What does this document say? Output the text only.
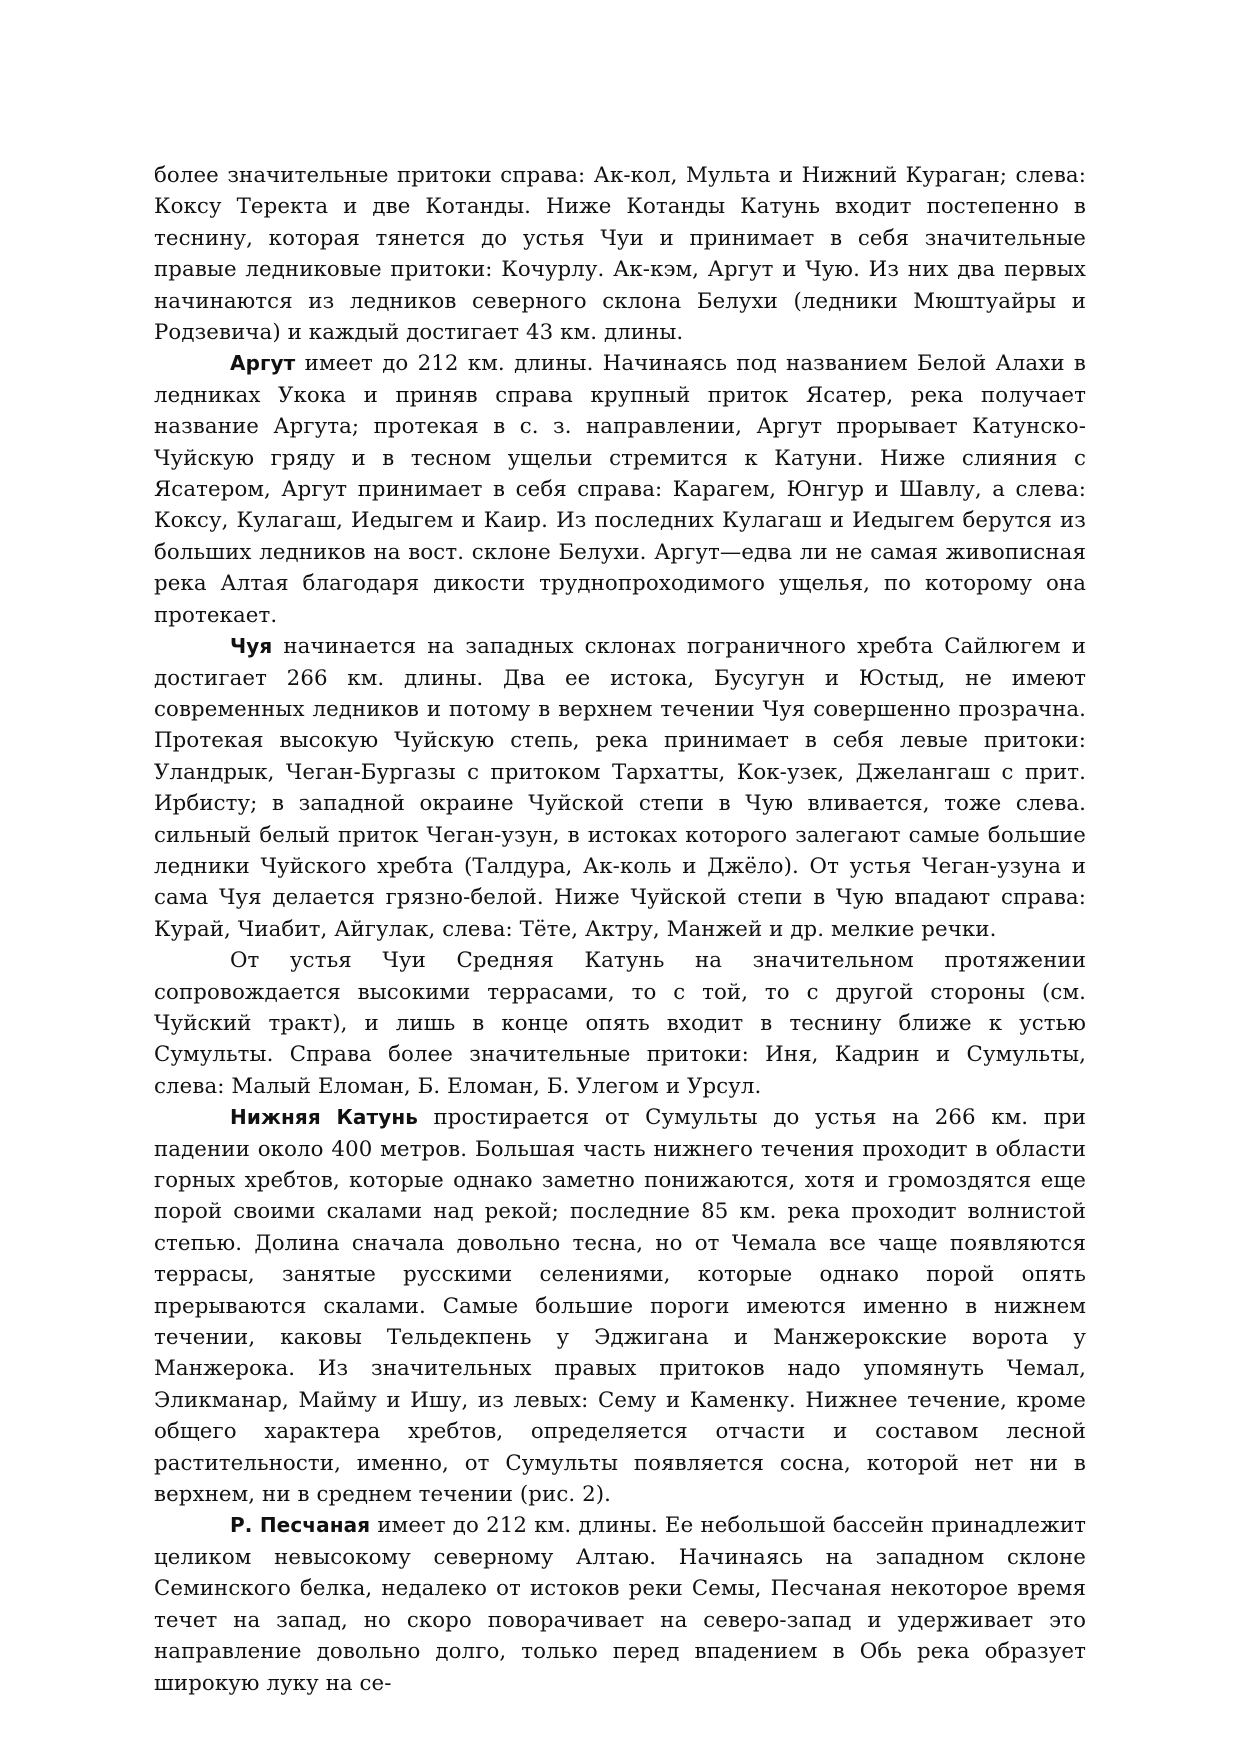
более значительные притоки справа: Ак-кол, Мульта и Нижний Кураган; слева: Коксу Теректа и две Котанды. Ниже Котанды Катунь входит постепенно в теснину, которая тянется до устья Чуи и принимает в себя значительные правые ледниковые притоки: Кочурлу. Ак-кэм, Аргут и Чую. Из них два первых начинаются из ледников северного склона Белухи (ледники Мюштуайры и Родзевича) и каждый достигает 43 км. длины.

Аргут имеет до 212 км. длины. Начинаясь под названием Белой Алахи в ледниках Укока и приняв справа крупный приток Ясатер, река получает название Аргута; протекая в с. з. направлении, Аргут прорывает Катунско-Чуйскую гряду и в тесном ущельи стремится к Катуни. Ниже слияния с Ясатером, Аргут принимает в себя справа: Карагем, Юнгур и Шавлу, а слева: Коксу, Кулагаш, Иедыгем и Каир. Из последних Кулагаш и Иедыгем берутся из больших ледников на вост. склоне Белухи. Аргут—едва ли не самая живописная река Алтая благодаря дикости труднопроходимого ущелья, по которому она протекает.

Чуя начинается на западных склонах пограничного хребта Сайлюгем и достигает 266 км. длины. Два ее истока, Бусугун и Юстыд, не имеют современных ледников и потому в верхнем течении Чуя совершенно прозрачна. Протекая высокую Чуйскую степь, река принимает в себя левые притоки: Уландрык, Чеган-Бургазы с притоком Тархатты, Кок-узек, Джелангаш с прит. Ирбисту; в западной окраине Чуйской степи в Чую вливается, тоже слева. сильный белый приток Чеган-узун, в истоках которого залегают самые большие ледники Чуйского хребта (Талдура, Ак-коль и Джёло). От устья Чеган-узуна и сама Чуя делается грязно-белой. Ниже Чуйской степи в Чую впадают справа: Курай, Чиабит, Айгулак, слева: Тёте, Актру, Манжей и др. мелкие речки.

От устья Чуи Средняя Катунь на значительном протяжении сопровождается высокими террасами, то с той, то с другой стороны (см. Чуйский тракт), и лишь в конце опять входит в теснину ближе к устью Сумульты. Справа более значительные притоки: Иня, Кадрин и Сумульты, слева: Малый Еломан, Б. Еломан, Б. Улегом и Урсул.

Нижняя Катунь простирается от Сумульты до устья на 266 км. при падении около 400 метров. Большая часть нижнего течения проходит в области горных хребтов, которые однако заметно понижаются, хотя и громоздятся еще порой своими скалами над рекой; последние 85 км. река проходит волнистой степью. Долина сначала довольно тесна, но от Чемала все чаще появляются террасы, занятые русскими селениями, которые однако порой опять прерываются скалами. Самые большие пороги имеются именно в нижнем течении, каковы Тельдекпень у Эджигана и Манжерокские ворота у Манжерока. Из значительных правых притоков надо упомянуть Чемал, Эликманар, Майму и Ишу, из левых: Сему и Каменку. Нижнее течение, кроме общего характера хребтов, определяется отчасти и составом лесной растительности, именно, от Сумульты появляется сосна, которой нет ни в верхнем, ни в среднем течении (рис. 2).

Р. Песчаная имеет до 212 км. длины. Ее небольшой бассейн принадлежит целиком невысокому северному Алтаю. Начинаясь на западном склоне Семинского белка, недалеко от истоков реки Семы, Песчаная некоторое время течет на запад, но скоро поворачивает на северо-запад и удерживает это направление довольно долго, только перед впадением в Обь река образует широкую луку на се-
